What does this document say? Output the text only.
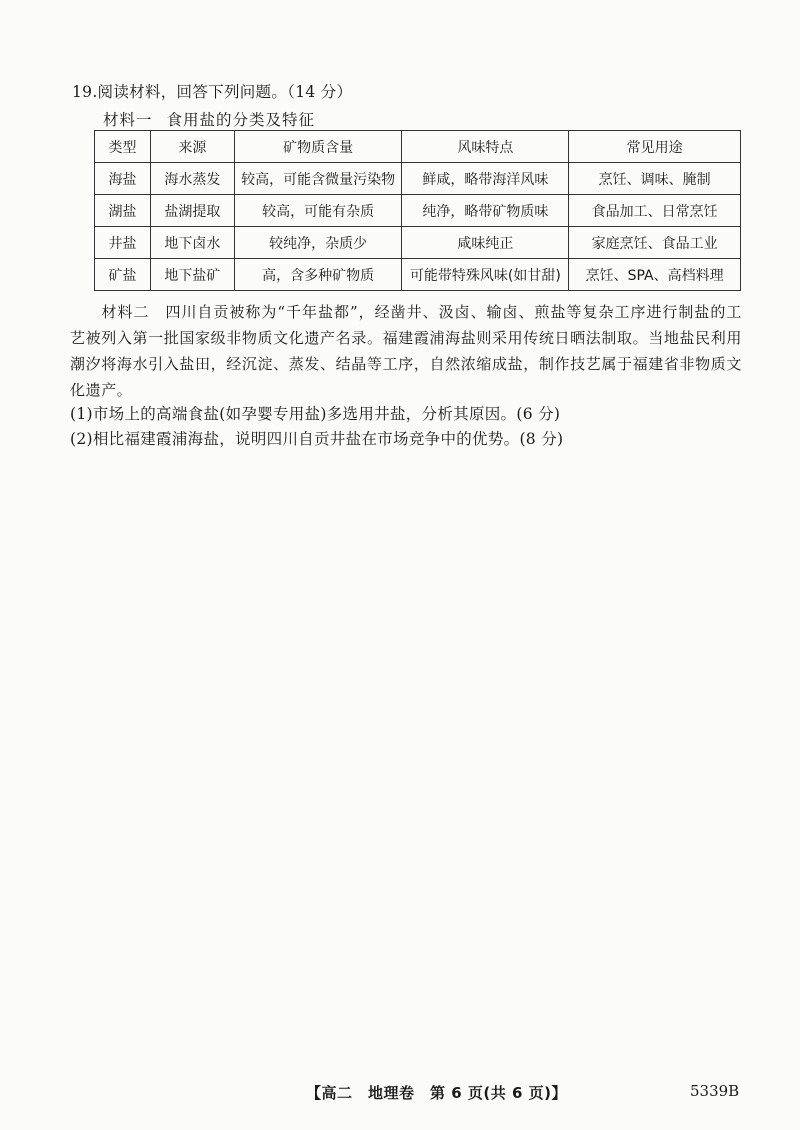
19.阅读材料，回答下列问题。（14 分）
材料一 食用盐的分类及特征
类型	来源	矿物质含量	风味特点	常见用途
海盐	海水蒸发	较高，可能含微量污染物	鲜咸，略带海洋风味	烹饪、调味、腌制
湖盐	盐湖提取	较高，可能有杂质	纯净，略带矿物质味	食品加工、日常烹饪
井盐	地下卤水	较纯净，杂质少	咸味纯正	家庭烹饪、食品工业
矿盐	地下盐矿	高，含多种矿物质	可能带特殊风味(如甘甜)	烹饪、SPA、高档料理
材料二　四川自贡被称为“千年盐都”，经凿井、汲卤、输卤、煎盐等复杂工序进行制盐的工艺被列入第一批国家级非物质文化遗产名录。福建霞浦海盐则采用传统日晒法制取。当地盐民利用潮汐将海水引入盐田，经沉淀、蒸发、结晶等工序，自然浓缩成盐，制作技艺属于福建省非物质文化遗产。
(1)市场上的高端食盐(如孕婴专用盐)多选用井盐，分析其原因。(6 分)
(2)相比福建霞浦海盐，说明四川自贡井盐在市场竞争中的优势。(8 分)
【高二　地理卷　第 6 页(共 6 页)】	5339B
